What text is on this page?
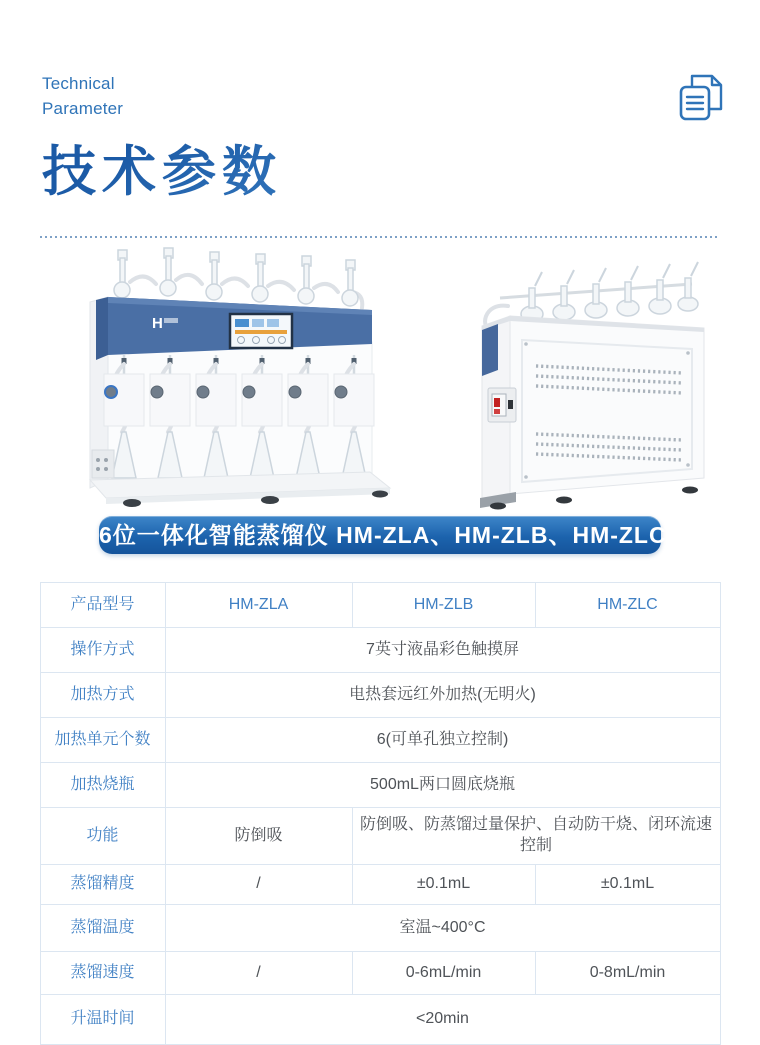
Technical
Parameter
技术参数
H
6位一体化智能蒸馏仪 HM-ZLA、HM-ZLB、HM-ZLC
产品型号	HM-ZLA	HM-ZLB	HM-ZLC
操作方式	7英寸液晶彩色触摸屏		
加热方式	电热套远红外加热(无明火)		
加热单元个数	6(可单孔独立控制)		
加热烧瓶	500mL两口圆底烧瓶		
功能	防倒吸	防倒吸、防蒸馏过量保护、自动防干烧、闭环流速控制	
蒸馏精度	/	±0.1mL	±0.1mL
蒸馏温度	室温~400°C		
蒸馏速度	/	0-6mL/min	0-8mL/min
升温时间	<20min		
